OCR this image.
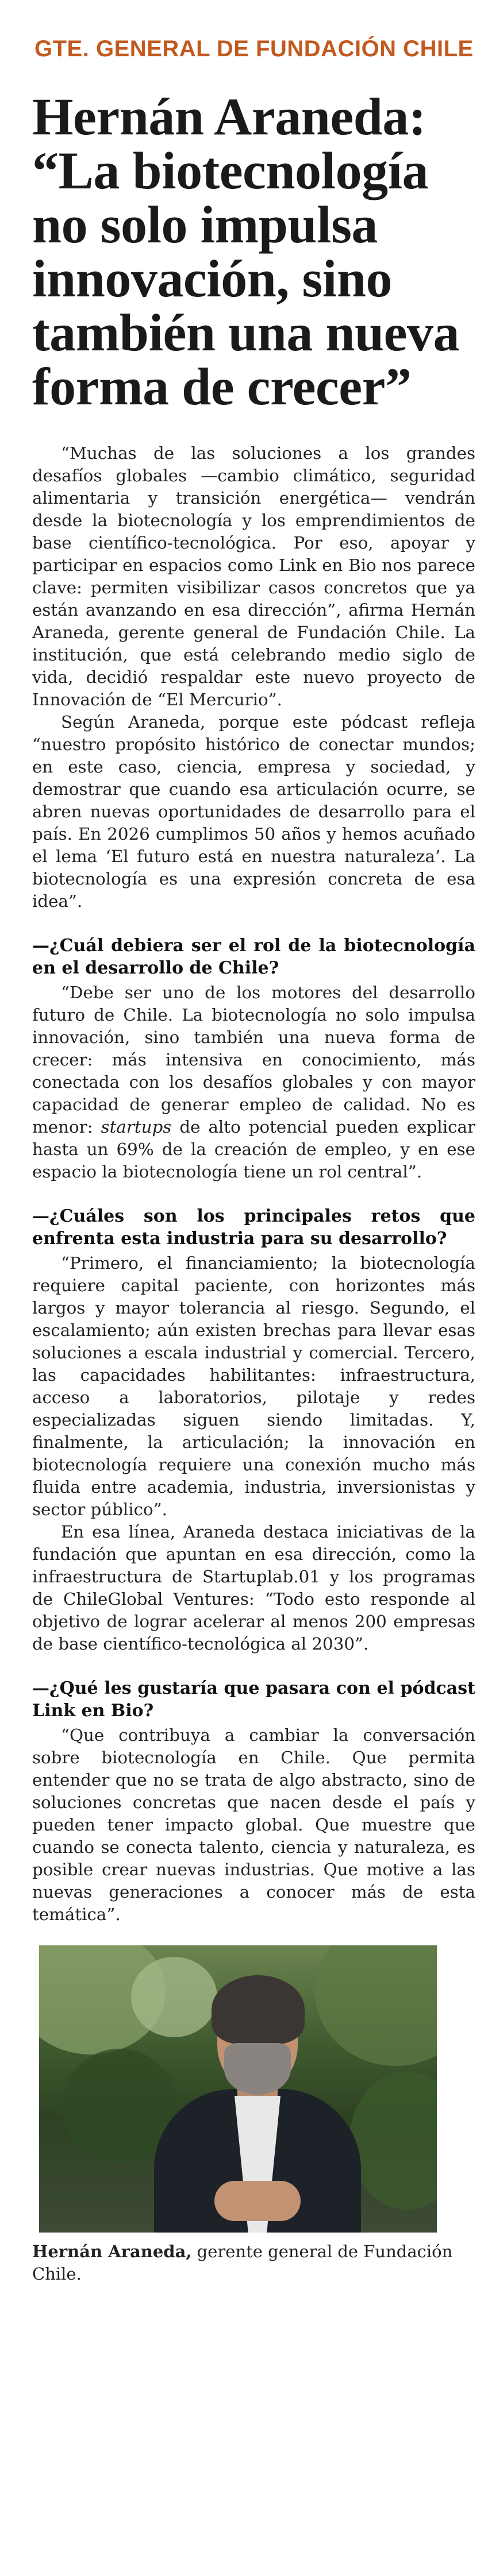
GTE. GENERAL DE FUNDACIÓN CHILE
Hernán Araneda: “La biotecnología no solo impulsa innovación, sino también una nueva forma de crecer”

“Muchas de las soluciones a los grandes desafíos globales —cambio climático, seguridad alimentaria y transición energética— vendrán desde la biotecnología y los emprendimientos de base científico-tecnológica. Por eso, apoyar y participar en espacios como Link en Bio nos parece clave: permiten visibilizar casos concretos que ya están avanzando en esa dirección”, afirma Hernán Araneda, gerente general de Fundación Chile. La institución, que está celebrando medio siglo de vida, decidió respaldar este nuevo proyecto de Innovación de “El Mercurio”.

Según Araneda, porque este pódcast refleja “nuestro propósito histórico de conectar mundos; en este caso, ciencia, empresa y sociedad, y demostrar que cuando esa articulación ocurre, se abren nuevas oportunidades de desarrollo para el país. En 2026 cumplimos 50 años y hemos acuñado el lema ‘El futuro está en nuestra naturaleza’. La biotecnología es una expresión concreta de esa idea”.

—¿Cuál debiera ser el rol de la biotecnología en el desarrollo de Chile?

“Debe ser uno de los motores del desarrollo futuro de Chile. La biotecnología no solo impulsa innovación, sino también una nueva forma de crecer: más intensiva en conocimiento, más conectada con los desafíos globales y con mayor capacidad de generar empleo de calidad. No es menor: startups de alto potencial pueden explicar hasta un 69% de la creación de empleo, y en ese espacio la biotecnología tiene un rol central”.

—¿Cuáles son los principales retos que enfrenta esta industria para su desarrollo?

“Primero, el financiamiento; la biotecnología requiere capital paciente, con horizontes más largos y mayor tolerancia al riesgo. Segundo, el escalamiento; aún existen brechas para llevar esas soluciones a escala industrial y comercial. Tercero, las capacidades habilitantes: infraestructura, acceso a laboratorios, pilotaje y redes especializadas siguen siendo limitadas. Y, finalmente, la articulación; la innovación en biotecnología requiere una conexión mucho más fluida entre academia, industria, inversionistas y sector público”.

En esa línea, Araneda destaca iniciativas de la fundación que apuntan en esa dirección, como la infraestructura de Startuplab.01 y los programas de ChileGlobal Ventures: “Todo esto responde al objetivo de lograr acelerar al menos 200 empresas de base científico-tecnológica al 2030”.

—¿Qué les gustaría que pasara con el pódcast Link en Bio?

“Que contribuya a cambiar la conversación sobre biotecnología en Chile. Que permita entender que no se trata de algo abstracto, sino de soluciones concretas que nacen desde el país y pueden tener impacto global. Que muestre que cuando se conecta talento, ciencia y naturaleza, es posible crear nuevas industrias. Que motive a las nuevas generaciones a conocer más de esta temática”.

Hernán Araneda, gerente general de Fundación Chile.
